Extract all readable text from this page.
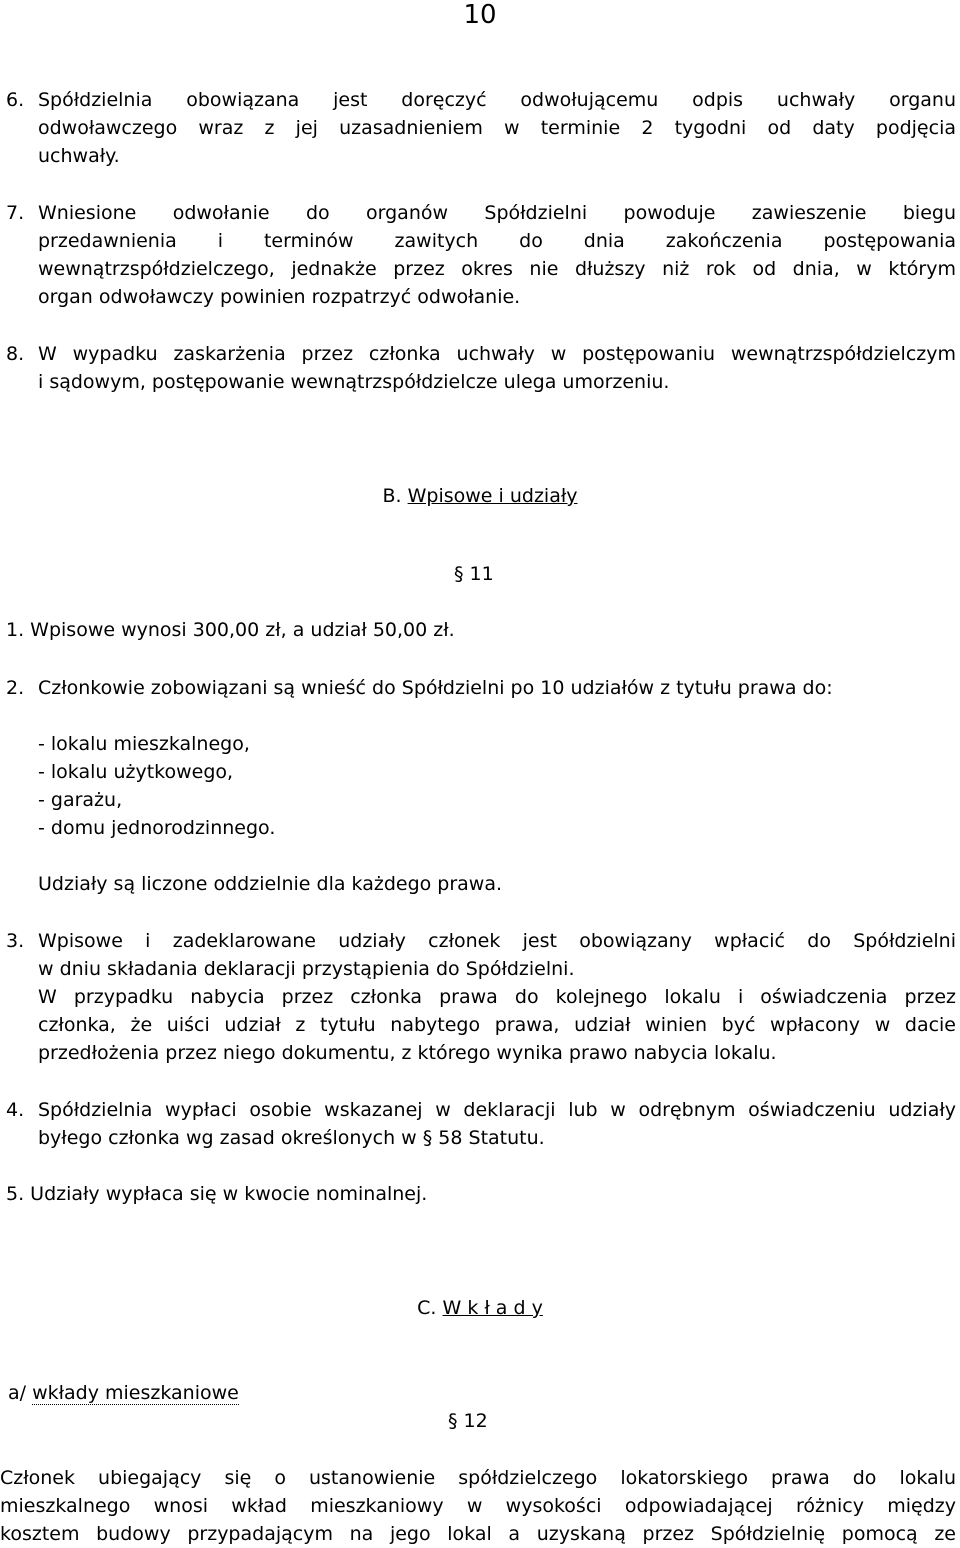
10
6. Spółdzielnia obowiązana jest doręczyć odwołującemu odpis uchwały organu
odwoławczego wraz z jej uzasadnieniem w terminie 2 tygodni od daty podjęcia
uchwały.
7. Wniesione odwołanie do organów Spółdzielni powoduje zawieszenie biegu
przedawnienia i terminów zawitych do dnia zakończenia postępowania
wewnątrzspółdzielczego, jednakże przez okres nie dłuższy niż rok od dnia, w którym
organ odwoławczy powinien rozpatrzyć odwołanie.
8. W wypadku zaskarżenia przez członka uchwały w postępowaniu wewnątrzspółdzielczym
i sądowym, postępowanie wewnątrzspółdzielcze ulega umorzeniu.
B. Wpisowe i udziały
§ 11
1. Wpisowe wynosi 300,00 zł, a udział 50,00 zł.
2. Członkowie zobowiązani są wnieść do Spółdzielni po 10 udziałów z tytułu prawa do:
- lokalu mieszkalnego,
- lokalu użytkowego,
- garażu,
- domu jednorodzinnego.
Udziały są liczone oddzielnie dla każdego prawa.
3. Wpisowe i zadeklarowane udziały członek jest obowiązany wpłacić do Spółdzielni
w dniu składania deklaracji przystąpienia do Spółdzielni.
W przypadku nabycia przez członka prawa do kolejnego lokalu i oświadczenia przez
członka, że uiści udział z tytułu nabytego prawa, udział winien być wpłacony w dacie
przedłożenia przez niego dokumentu, z którego wynika prawo nabycia lokalu.
4. Spółdzielnia wypłaci osobie wskazanej w deklaracji lub w odrębnym oświadczeniu udziały
byłego członka wg zasad określonych w § 58 Statutu.
5. Udziały wypłaca się w kwocie nominalnej.
C. W k ł a d y
a/ wkłady mieszkaniowe
§ 12
Członek ubiegający się o ustanowienie spółdzielczego lokatorskiego prawa do lokalu
mieszkalnego wnosi wkład mieszkaniowy w wysokości odpowiadającej różnicy między
kosztem budowy przypadającym na jego lokal a uzyskaną przez Spółdzielnię pomocą ze
